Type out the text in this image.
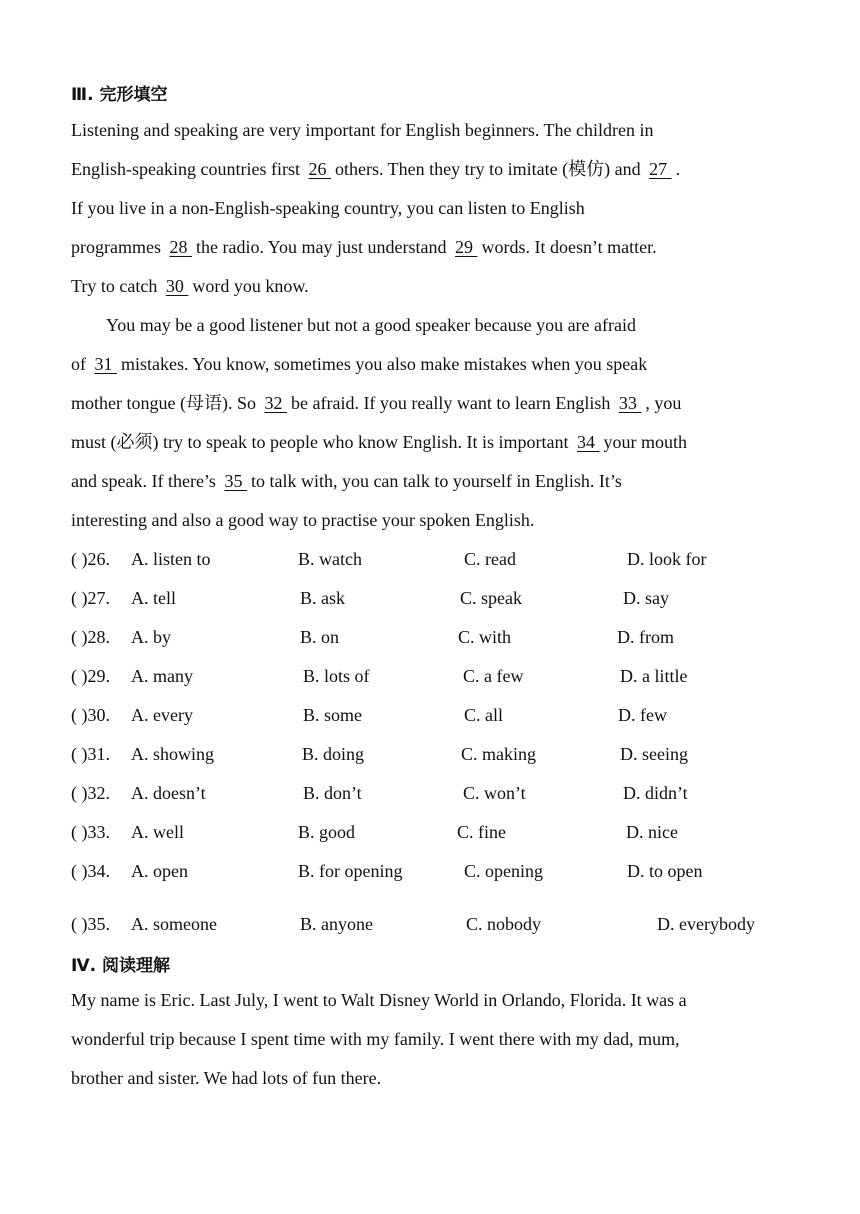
Ⅲ. 完形填空
Listening and speaking are very important for English beginners. The children in
English-speaking countries first 26 others. Then they try to imitate (模仿) and 27 .
If you live in a non-English-speaking country, you can listen to English
programmes 28 the radio. You may just understand 29 words. It doesn’t matter.
Try to catch 30 word you know.
You may be a good listener but not a good speaker because you are afraid
of 31 mistakes. You know, sometimes you also make mistakes when you speak
mother tongue (母语). So 32 be afraid. If you really want to learn English 33 , you
must (必须) try to speak to people who know English. It is important 34 your mouth
and speak. If there’s 35 to talk with, you can talk to yourself in English. It’s
interesting and also a good way to practise your spoken English.
( )26. A. listen to	B. watch	C. read	D. look for
( )27. A. tell	B. ask	C. speak	D. say
( )28. A. by	B. on	C. with	D. from
( )29. A. many	B. lots of	C. a few	D. a little
( )30. A. every	B. some	C. all	D. few
( )31. A. showing	B. doing	C. making	D. seeing
( )32. A. doesn’t	B. don’t	C. won’t	D. didn’t
( )33. A. well	B. good	C. fine	D. nice
( )34. A. open	B. for opening	C. opening	D. to open
( )35. A. someone	B. anyone	C. nobody	D. everybody
Ⅳ. 阅读理解
My name is Eric. Last July, I went to Walt Disney World in Orlando, Florida. It was a
wonderful trip because I spent time with my family. I went there with my dad, mum,
brother and sister. We had lots of fun there.
